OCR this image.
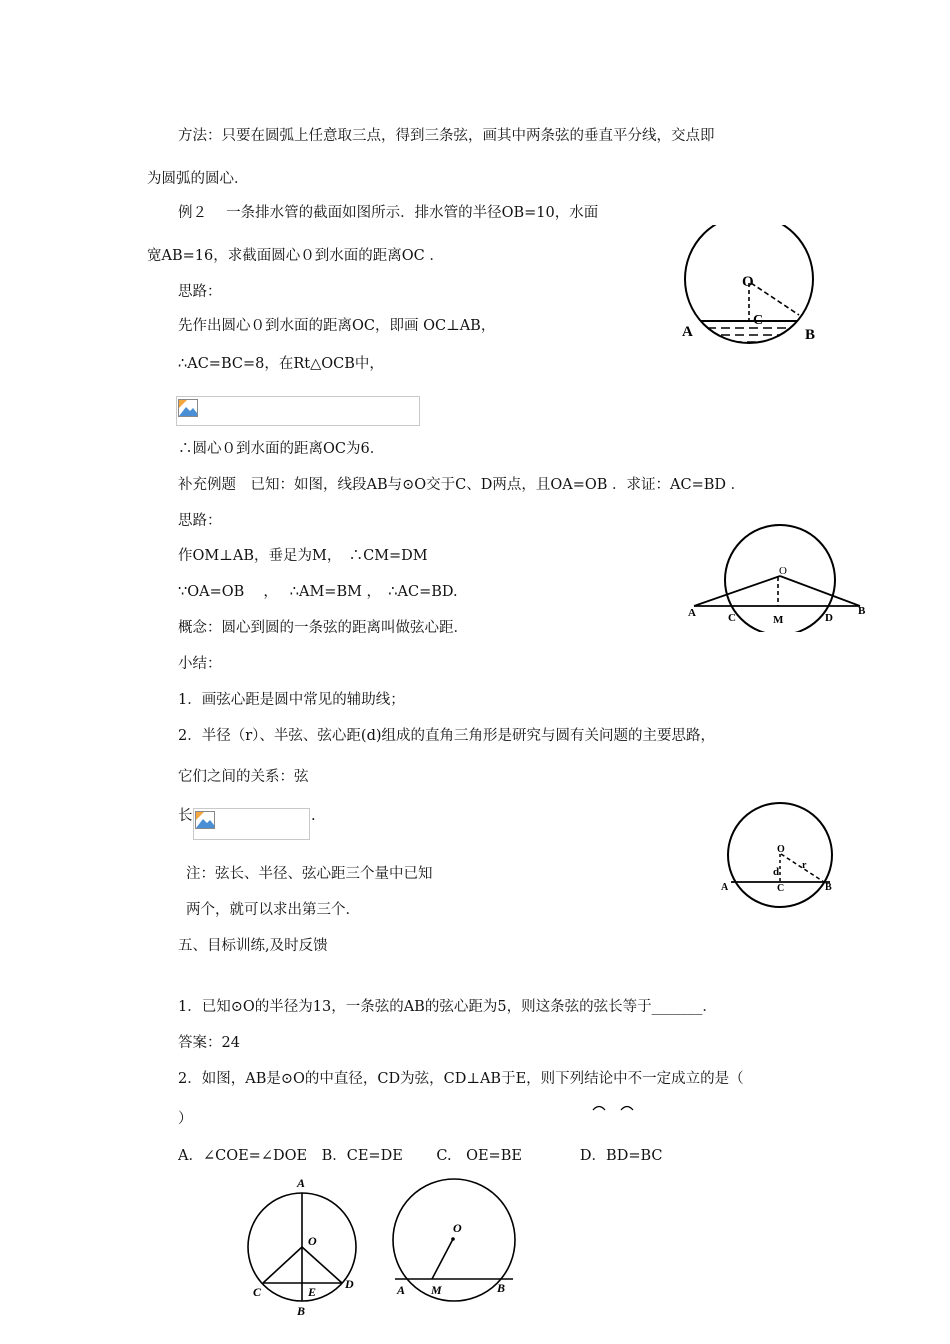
方法：只要在圆弧上任意取三点，得到三条弦，画其中两条弦的垂直平分线，交点即
为圆弧的圆心．
例２　 一条排水管的截面如图所示．排水管的半径OB=10，水面
宽AB=16，求截面圆心０到水面的距离OC ．
思路：
先作出圆心０到水面的距离OC，即画 OC⊥AB，
∴AC=BC=8，在Rt△OCB中，
∴圆心０到水面的距离OC为6．
补充例题　已知：如图，线段AB与⊙O交于C、D两点，且OA=OB ．求证：AC=BD ．
思路：
作OM⊥AB，垂足为M，　∴CM=DM
∵OA=OB　 ，　 ∴AM=BM ，　∴AC=BD.
概念：圆心到圆的一条弦的距离叫做弦心距．
小结：
1．画弦心距是圆中常见的辅助线；
2．半径（r）、半弦、弦心距(d)组成的直角三角形是研究与圆有关问题的主要思路，
它们之间的关系：弦
长	.
注：弦长、半径、弦心距三个量中已知
两个，就可以求出第三个．
五、目标训练,及时反馈
1．已知⊙O的半径为13，一条弦的AB的弦心距为5，则这条弦的弦长等于_______．
答案：24
2．如图，AB是⊙O的中直径，CD为弦，CD⊥AB于E，则下列结论中不一定成立的是（
）
A．∠COE=∠DOE　B．CE=DE　　 C.　OE=BE　　　　D．BD=BC
O
C
A	B
O
A	C	M	D
B
O
d
r
A	C	B
A
O
C	E
D
B
O
A M	B
